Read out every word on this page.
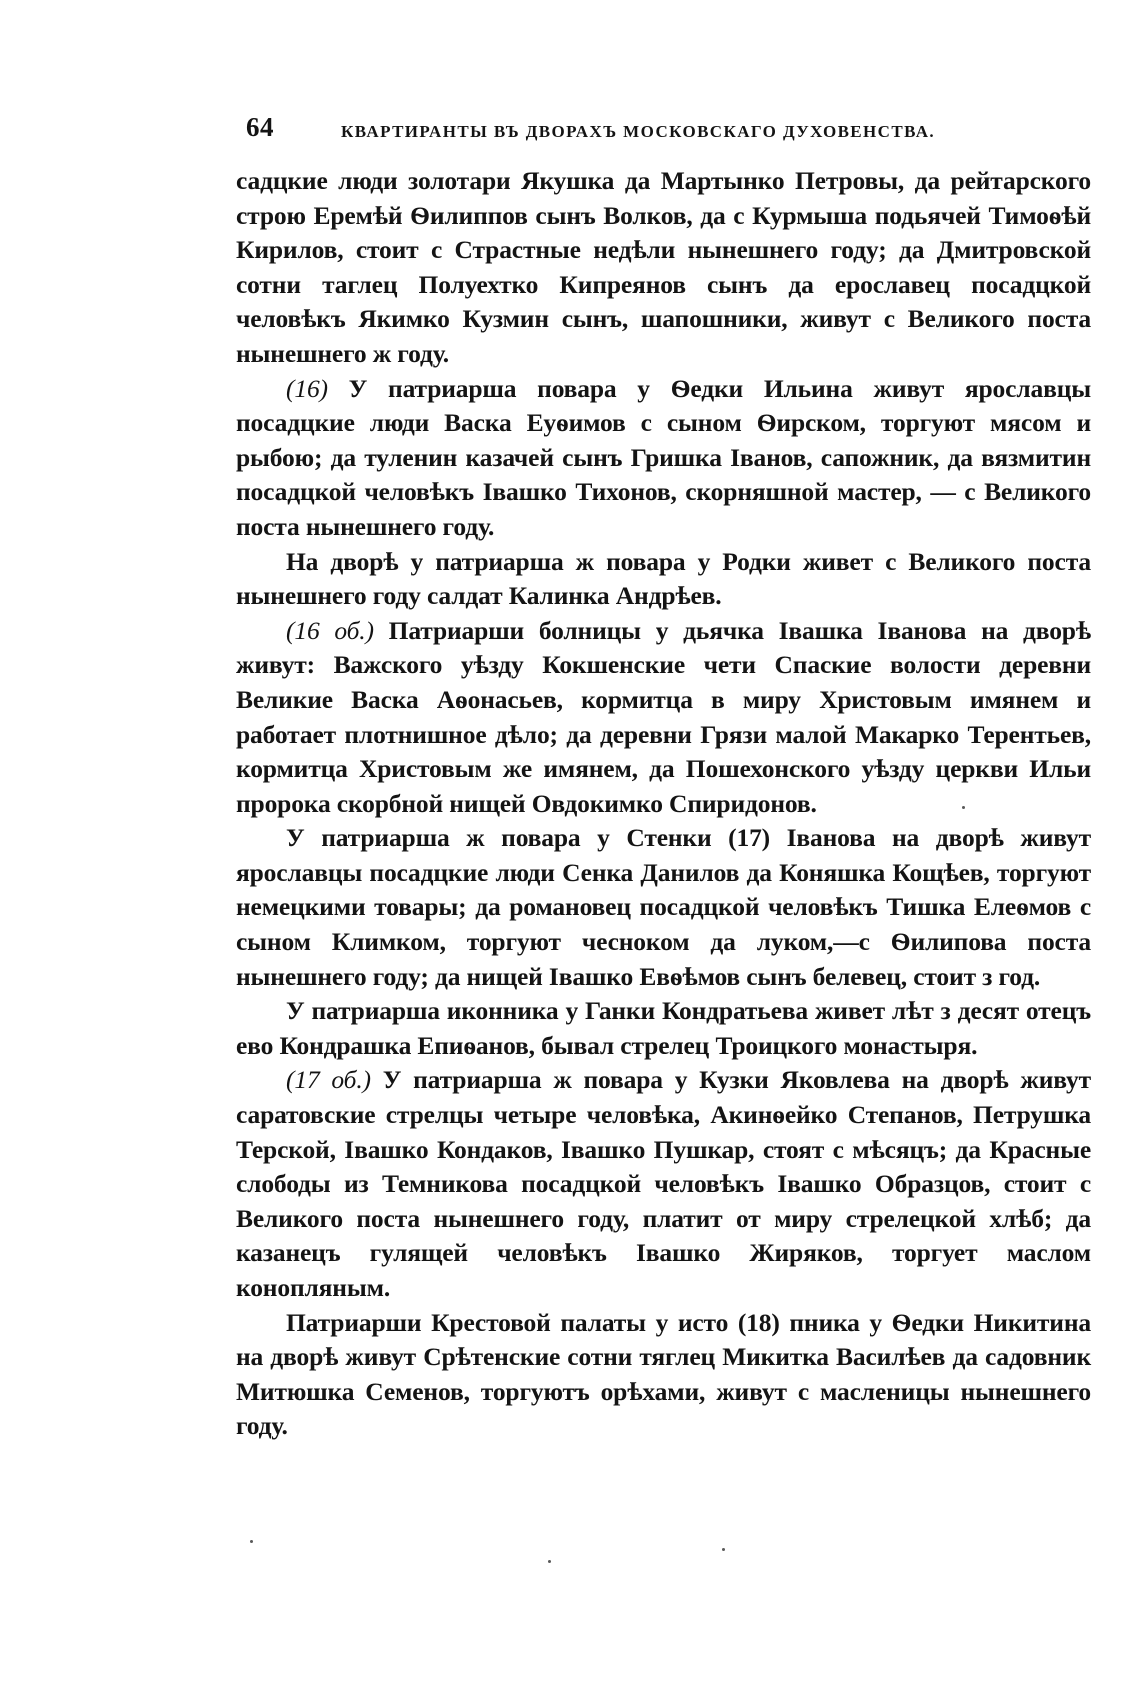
64	КВАРТИРАНТЫ ВЪ ДВОРАХЪ МОСКОВСКАГО ДУХОВЕНСТВА.

садцкие люди золотари Якушка да Мартынко Петровы, да рейтарского строю Еремѣй Ѳилиппов сынъ Волков, да с Курмыша подьячей Тимоѳѣй Кирилов, стоит с Страстные недѣли нынешнего году; да Дмитровской сотни таглец Полуехтко Кипреянов сынъ да ерославец посадцкой человѣкъ Якимко Кузмин сынъ, шапошники, живут с Великого поста нынешнего ж году.

(16) У патриарша повара у Ѳедки Ильина живут ярославцы посадцкие люди Васка Еуѳимов с сыном Ѳирском, торгуют мясом и рыбою; да туленин казачей сынъ Гришка Іванов, сапожник, да вязмитин посадцкой человѣкъ Івашко Тихонов, скорняшной мастер, — с Великого поста нынешнего году.

На дворѣ у патриарша ж повара у Родки живет с Великого поста нынешнего году салдат Калинка Андрѣев.

(16 об.) Патриарши болницы у дьячка Івашка Іванова на дворѣ живут: Важского уѣзду Кокшенские чети Спаские волости деревни Великие Васка Аѳонасьев, кормитца в миру Христовым имянем и работает плотнишное дѣло; да деревни Грязи малой Макарко Терентьев, кормитца Христовым же имянем, да Пошехонского уѣзду церкви Ильи пророка скорбной нищей Овдокимко Спиридонов.

У патриарша ж повара у Стенки (17) Іванова на дворѣ живут ярославцы посадцкие люди Сенка Данилов да Коняшка Кощѣев, торгуют немецкими товары; да романовец посадцкой человѣкъ Тишка Елеѳмов с сыном Климком, торгуют чесноком да луком,—с Ѳилипова поста нынешнего году; да нищей Івашко Евѳѣмов сынъ белевец, стоит з год.

У патриарша иконника у Ганки Кондратьева живет лѣт з десят отецъ ево Кондрашка Епиѳанов, бывал стрелец Троицкого монастыря.

(17 об.) У патриарша ж повара у Кузки Яковлева на дворѣ живут саратовские стрелцы четыре человѣка, Акинѳейко Степанов, Петрушка Терской, Івашко Кондаков, Івашко Пушкар, стоят с мѣсяцъ; да Красные слободы из Темникова посадцкой человѣкъ Івашко Образцов, стоит с Великого поста нынешнего году, платит от миру стрелецкой хлѣб; да казанецъ гулящей человѣкъ Івашко Жиряков, торгует маслом конопляным.

Патриарши Крестовой палаты у исто (18) пника у Ѳедки Никитина на дворѣ живут Срѣтенские сотни тяглец Микитка Василѣев да садовник Митюшка Семенов, торгуютъ орѣхами, живут с масленицы нынешнего году.
